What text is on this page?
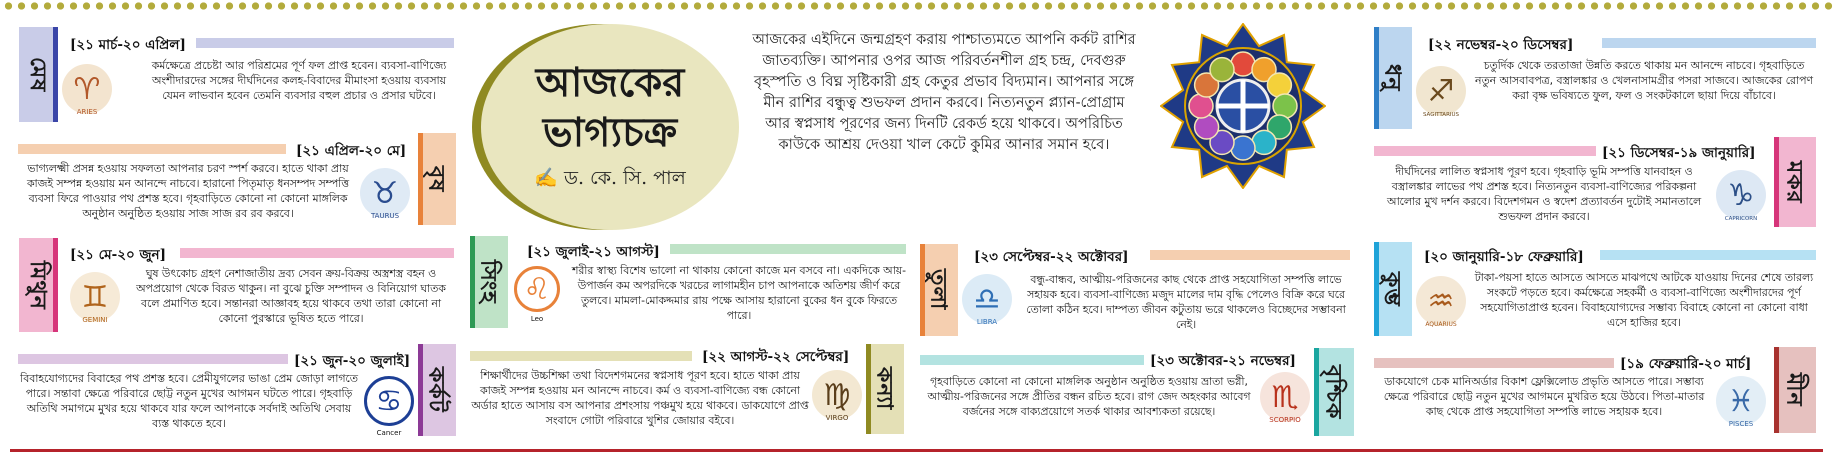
আজকের
ভাগ্যচক্র
✍ ড. কে. সি. পাল
আজকের এইদিনে জন্মগ্রহণ করায় পাশ্চাত্যমতে আপনি কর্কট রাশির জাতব্যক্তি। আপনার ওপর আজ পরিবর্তনশীল গ্রহ চন্দ্র, দেবগুরু বৃহস্পতি ও বিঘ্ন সৃষ্টিকারী গ্রহ কেতুর প্রভাব বিদ্যমান। আপনার সঙ্গে মীন রাশির বন্ধুত্ব শুভফল প্রদান করবে। নিত্যনতুন প্ল্যান-প্রোগ্রাম আর স্বপ্নসাধ পূরণের জন্য দিনটি রেকর্ড হয়ে থাকবে। অপরিচিত কাউকে আশ্রয় দেওয়া খাল কেটে কুমির আনার সমান হবে।
মেষ
[২১ মার্চ-২০ এপ্রিল]
♈
ARIES
কর্মক্ষেত্রে প্রচেষ্টা আর পরিশ্রমের পূর্ণ ফল প্রাপ্ত হবেন। ব্যবসা-বাণিজ্যে অংশীদারদের সঙ্গের দীর্ঘদিনের কলহ-বিবাদের মীমাংসা হওয়ায় ব্যবসায় যেমন লাভবান হবেন তেমনি ব্যবসার বহুল প্রচার ও প্রসার ঘটবে।
[২১ এপ্রিল-২০ মে]
বৃষ
♉
TAURUS
ভাগ্যলক্ষ্মী প্রসন্ন হওয়ায় সফলতা আপনার চরণ স্পর্শ করবে। হাতে থাকা প্রায় কাজই সম্পন্ন হওয়ায় মন আনন্দে নাচবে। হারানো পিতৃমাতৃ ধনসম্পদ সম্পত্তি ব্যবসা ফিরে পাওয়ার পথ প্রশস্ত হবে। গৃহবাড়িতে কোনো না কোনো মাঙ্গলিক অনুষ্ঠান অনুষ্ঠিত হওয়ায় সাজ সাজ রব রব করবে।
মিথুন
[২১ মে-২০ জুন]
♊
GEMINI
ঘুষ উৎকোচ গ্রহণ নেশাজাতীয় দ্রব্য সেবন ক্রয়-বিক্রয় অস্ত্রশস্ত্র বহন ও অপপ্রয়োগ থেকে বিরত থাকুন। না বুঝে চুক্তি সম্পাদন ও বিনিয়োগ ঘাতক বলে প্রমাণিত হবে। সন্তানরা আজ্ঞাবহ হয়ে থাকবে তথা তারা কোনো না কোনো পুরস্কারে ভূষিত হতে পারে।
[২১ জুন-২০ জুলাই]
কর্কট
♋
Cancer
বিবাহযোগ্যদের বিবাহের পথ প্রশস্ত হবে। প্রেমীযুগলের ভাঙা প্রেম জোড়া লাগতে পারে। সন্তাবা ক্ষেত্রে পরিবারে ছোট্ট নতুন মুখের আগমন ঘটতে পারে। গৃহবাড়ি অতিথি সমাগমে মুখর হয়ে থাকবে যার ফলে আপনাকে সর্বদাই অতিথি সেবায় ব্যস্ত থাকতে হবে।
সিংহ
[২১ জুলাই-২১ আগস্ট]
♌
Leo
শরীর স্বাস্থ্য বিশেষ ভালো না থাকায় কোনো কাজে মন বসবে না। একদিকে আয়-উপার্জন কম অপরদিকে খরচের লাগামহীন চাপ আপনাকে অতিশয় জীর্ণ করে তুলবে। মামলা-মোকদ্দমার রায় পক্ষে আসায় হারানো বুকের ধন বুকে ফিরতে পারে।
[২২ আগস্ট-২২ সেপ্টেম্বর]
কন্যা
♍
VIRGO
শিক্ষার্থীদের উচ্চশিক্ষা তথা বিদেশগমনের স্বপ্নসাধ পূরণ হবে। হাতে থাকা প্রায় কাজই সম্পন্ন হওয়ায় মন আনন্দে নাচবে। কর্ম ও ব্যবসা-বাণিজ্যে বন্ধ কোনো অর্ডার হাতে আসায় বস আপনার প্রশংসায় পঞ্চমুখ হয়ে থাকবে। ডাকযোগে প্রাপ্ত সংবাদে গোটা পরিবারে খুশির জোয়ার বইবে।
তুলা
[২৩ সেপ্টেম্বর-২২ অক্টোবর]
♎
LIBRA
বন্ধু-বান্ধব, আত্মীয়-পরিজনের কাছ থেকে প্রাপ্ত সহযোগিতা সম্পত্তি লাভে সহায়ক হবে। ব্যবসা-বাণিজ্যে মজুদ মালের দাম বৃদ্ধি পেলেও বিক্রি করে ঘরে তোলা কঠিন হবে। দাম্পত্য জীবন কটুতায় ভরে থাকলেও বিচ্ছেদের সম্ভাবনা নেই।
[২৩ অক্টোবর-২১ নভেম্বর]
বৃশ্চিক
♏
SCORPIO
গৃহবাড়িতে কোনো না কোনো মাঙ্গলিক অনুষ্ঠান অনুষ্ঠিত হওয়ায় ভ্রাতা ভগ্নী, আত্মীয়-পরিজনের সঙ্গে প্রীতির বন্ধন রচিত হবে। রাগ জেদ অহংকার আবেগ বর্জনের সঙ্গে বাক্যপ্রয়োগে সতর্ক থাকার আবশ্যকতা রয়েছে।
ধনু
[২২ নভেম্বর-২০ ডিসেম্বর]
♐
SAGITTARIUS
চতুর্দিক থেকে তরতাজা উন্নতি করতে থাকায় মন আনন্দে নাচবে। গৃহবাড়িতে নতুন আসবাবপত্র, বস্ত্রালঙ্কার ও খেলনাসামগ্রীর পসরা সাজবে। আজকের রোপণ করা বৃক্ষ ভবিষ্যতে ফুল, ফল ও সংকটকালে ছায়া দিয়ে বাঁচাবে।
[২১ ডিসেম্বর-১৯ জানুয়ারি]
মকর
♑
CAPRICORN
দীর্ঘদিনের লালিত স্বপ্নসাধ পূরণ হবে। গৃহবাড়ি ভূমি সম্পত্তি যানবাহন ও বস্ত্রালঙ্কার লাভের পথ প্রশস্ত হবে। নিত্যনতুন ব্যবসা-বাণিজ্যের পরিকল্পনা আলোর মুখ দর্শন করবে। বিদেশগমন ও স্বদেশ প্রত্যাবর্তন দুটোই সমানতালে শুভফল প্রদান করবে।
কুম্ভ
[২০ জানুয়ারি-১৮ ফেব্রুয়ারি]
♒
AQUARIUS
টাকা-পয়সা হাতে আসতে আসতে মাঝপথে আটকে যাওয়ায় দিনের শেষে তারল্য সংকটে পড়তে হবে। কর্মক্ষেত্রে সহকর্মী ও ব্যবসা-বাণিজ্যে অংশীদারদের পূর্ণ সহযোগিতাপ্রাপ্ত হবেন। বিবাহযোগ্যদের সম্ভাব্য বিবাহে কোনো না কোনো বাধা এসে হাজির হবে।
[১৯ ফেব্রুয়ারি-২০ মার্চ]
মীন
♓
PISCES
ডাকযোগে চেক মানিঅর্ডার বিকাশ ফ্লেক্সিলোড প্রভৃতি আসতে পারে। সম্ভাব্য ক্ষেত্রে পরিবারে ছোট্ট নতুন মুখের আগমনে মুখরিত হয়ে উঠবে। পিতা-মাতার কাছ থেকে প্রাপ্ত সহযোগিতা সম্পত্তি লাভে সহায়ক হবে।
